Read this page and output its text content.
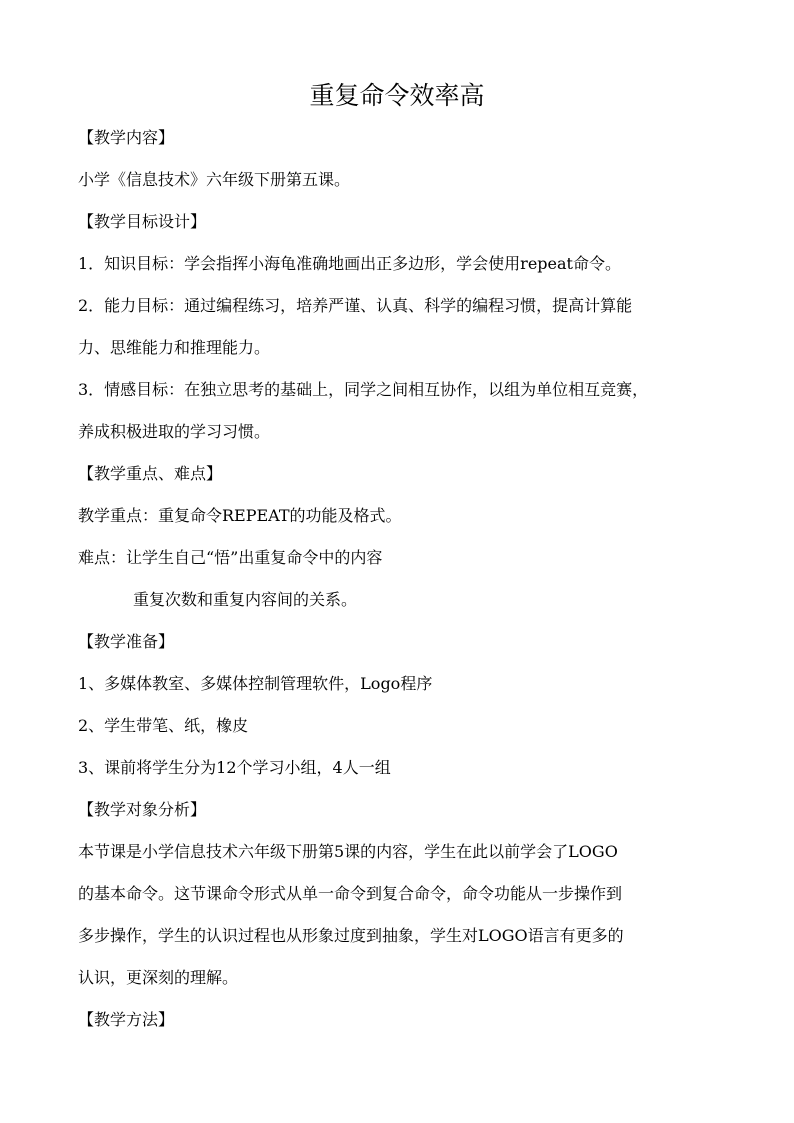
重复命令效率高
【教学内容】
小学《信息技术》六年级下册第五课。
【教学目标设计】
1．知识目标：学会指挥小海龟准确地画出正多边形，学会使用repeat命令。
2．能力目标：通过编程练习，培养严谨、认真、科学的编程习惯，提高计算能
力、思维能力和推理能力。
3．情感目标：在独立思考的基础上，同学之间相互协作，以组为单位相互竞赛，
养成积极进取的学习习惯。
【教学重点、难点】
教学重点：重复命令REPEAT的功能及格式。
难点：让学生自己“悟”出重复命令中的内容
重复次数和重复内容间的关系。
【教学准备】
1、多媒体教室、多媒体控制管理软件，Logo程序
2、学生带笔、纸，橡皮
3、课前将学生分为12个学习小组，4人一组
【教学对象分析】
本节课是小学信息技术六年级下册第5课的内容，学生在此以前学会了LOGO
的基本命令。这节课命令形式从单一命令到复合命令，命令功能从一步操作到
多步操作，学生的认识过程也从形象过度到抽象，学生对LOGO语言有更多的
认识，更深刻的理解。
【教学方法】
